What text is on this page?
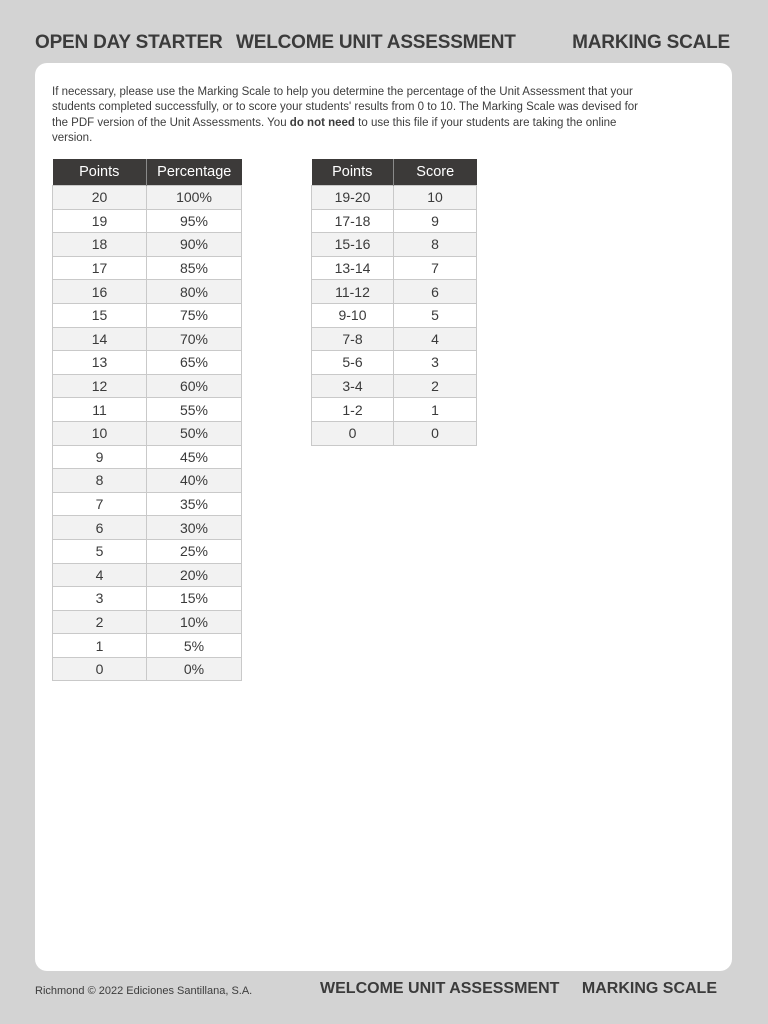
OPEN DAY STARTER WELCOME UNIT ASSESSMENT	MARKING SCALE

If necessary, please use the Marking Scale to help you determine the percentage of the Unit Assessment that your students completed successfully, or to score your students' results from 0 to 10. The Marking Scale was devised for the PDF version of the Unit Assessments. You do not need to use this file if your students are taking the online version.

Points	Percentage
20	100%
19	95%
18	90%
17	85%
16	80%
15	75%
14	70%
13	65%
12	60%
11	55%
10	50%
9	45%
8	40%
7	35%
6	30%
5	25%
4	20%
3	15%
2	10%
1	5%
0	0%
Points	Score
19-20	10
17-18	9
15-16	8
13-14	7
11-12	6
9-10	5
7-8	4
5-6	3
3-4	2
1-2	1
0	0
Richmond © 2022 Ediciones Santillana, S.A.	WELCOME UNIT ASSESSMENT MARKING SCALE
